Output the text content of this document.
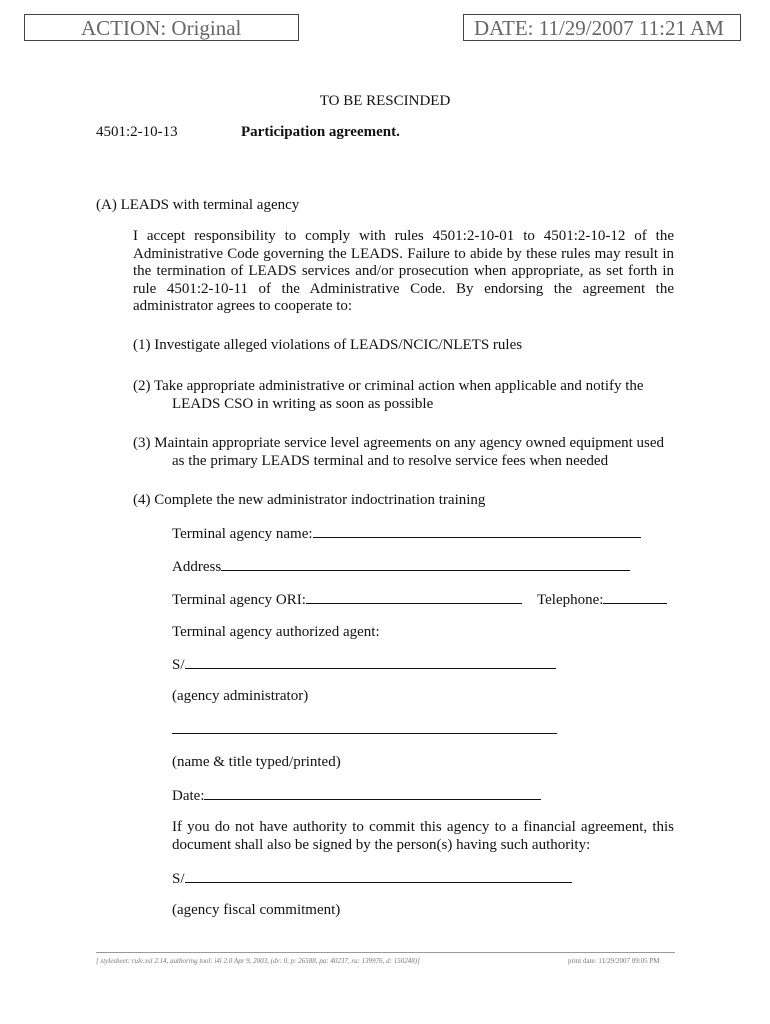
ACTION: Original	DATE: 11/29/2007 11:21 AM
TO BE RESCINDED
4501:2-10-13	Participation agreement.
(A) LEADS with terminal agency
I accept responsibility to comply with rules 4501:2-10-01 to 4501:2-10-12 of the Administrative Code governing the LEADS. Failure to abide by these rules may result in the termination of LEADS services and/or prosecution when appropriate, as set forth in rule 4501:2-10-11 of the Administrative Code. By endorsing the agreement the administrator agrees to cooperate to:
(1) Investigate alleged violations of LEADS/NCIC/NLETS rules
(2) Take appropriate administrative or criminal action when applicable and notify the LEADS CSO in writing as soon as possible
(3) Maintain appropriate service level agreements on any agency owned equipment used as the primary LEADS terminal and to resolve service fees when needed
(4) Complete the new administrator indoctrination training
Terminal agency name:
Address
Terminal agency ORI:	Telephone:
Terminal agency authorized agent:
S/
(agency administrator)
(name & title typed/printed)
Date:
If you do not have authority to commit this agency to a financial agreement, this document shall also be signed by the person(s) having such authority:
S/
(agency fiscal commitment)
[ stylesheet: rule.xsl 2.14, authoring tool: i4i 2.0 Apr 9, 2003, (dv: 0, p: 26588, pa: 40237, ra: 139976, d: 150248)]	print date: 11/29/2007 09:05 PM
